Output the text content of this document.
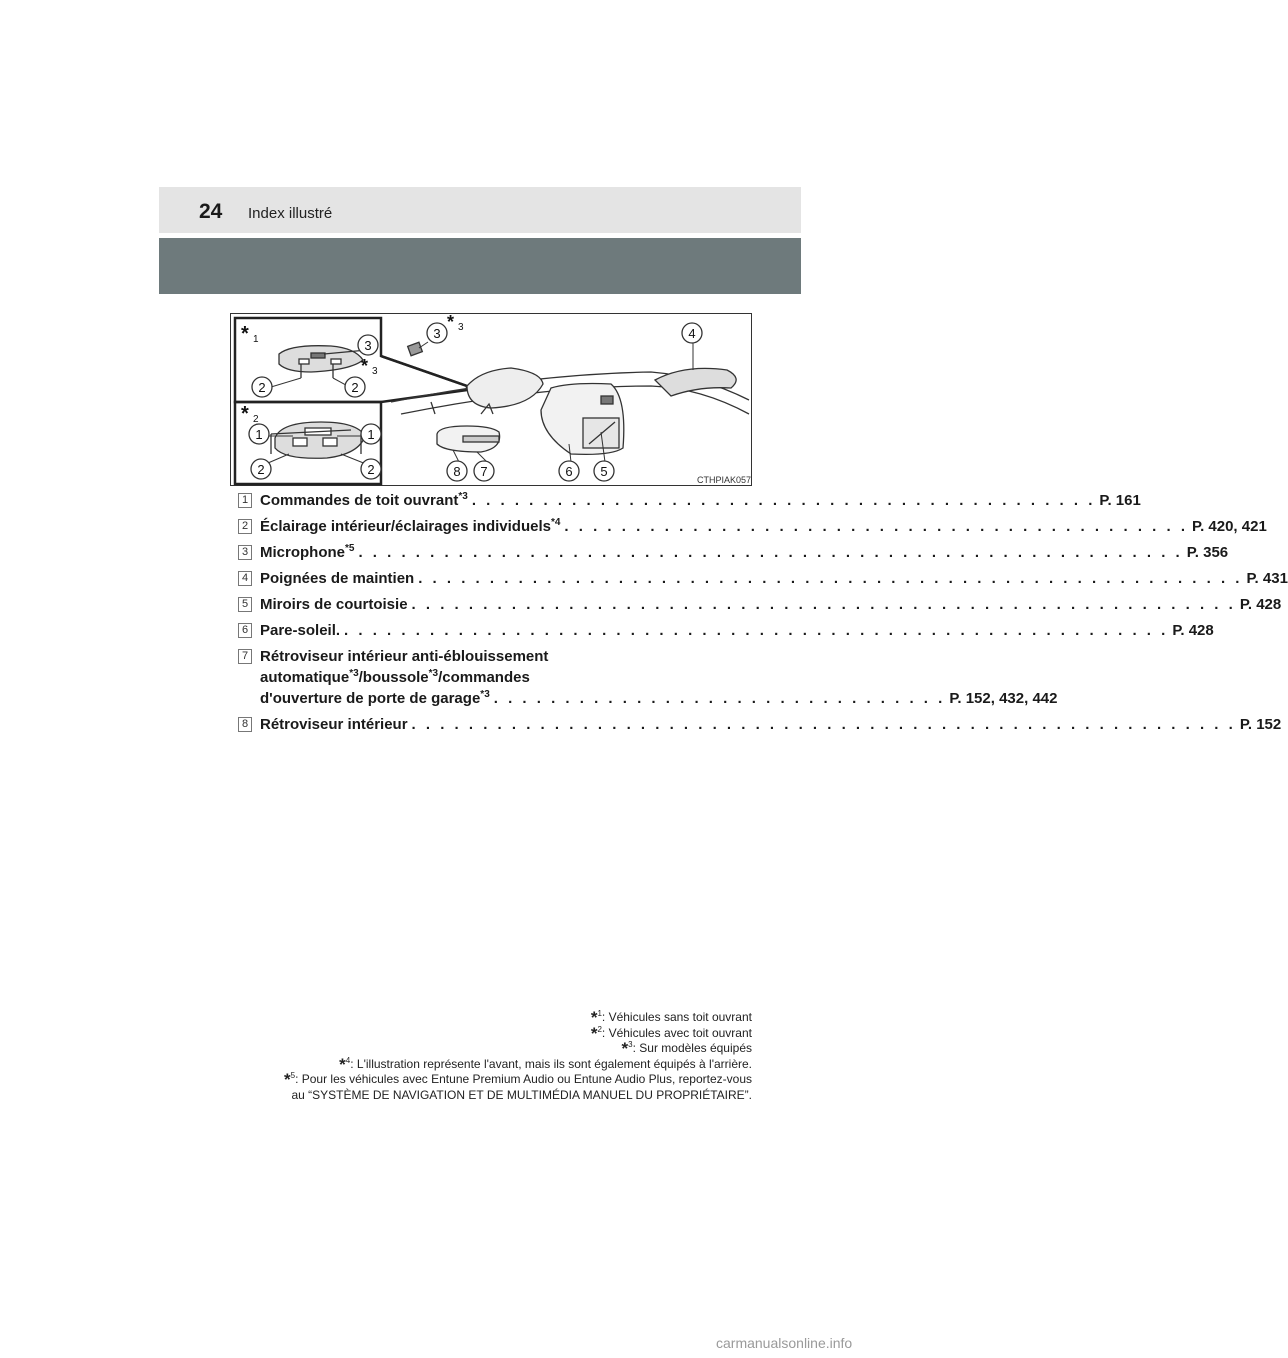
24 Index illustré
3
2	2
1	1
2	2
3	4
5
6
7
8
* 1
* 2
* 3
* 3
CTHPIAK057
1 Commandes de toit ouvrant$^{*3}$ . . . . . . . . . . . . . . . . . . . . . . . . . . . . . . . . . . . . . . . . . . . . P. 161
2 Éclairage intérieur/éclairages individuels$^{*4}$ . . . . . . . . . . . . . . . . . . . . . . . . . . . . . . . . . . . . . . . . . . . . P. 420, 421
3 Microphone$^{*5}$ . . . . . . . . . . . . . . . . . . . . . . . . . . . . . . . . . . . . . . . . . . . . . . . . . . . . . . . . . . P. 356
4 Poignées de maintien . . . . . . . . . . . . . . . . . . . . . . . . . . . . . . . . . . . . . . . . . . . . . . . . . . . . . . . . . . P. 431
5 Miroirs de courtoisie . . . . . . . . . . . . . . . . . . . . . . . . . . . . . . . . . . . . . . . . . . . . . . . . . . . . . . . . . . P. 428
6 Pare-soleil. . . . . . . . . . . . . . . . . . . . . . . . . . . . . . . . . . . . . . . . . . . . . . . . . . . . . . . . . . . P. 428
7 Rétroviseur intérieur anti-éblouissement
automatique$^{*3}$/boussole$^{*3}$/commandes
d'ouverture de porte de garage$^{*3}$ . . . . . . . . . . . . . . . . . . . . . . . . . . . . . . . . P. 152, 432, 442
8 Rétroviseur intérieur . . . . . . . . . . . . . . . . . . . . . . . . . . . . . . . . . . . . . . . . . . . . . . . . . . . . . . . . . . P. 152
*$^1$: Véhicules sans toit ouvrant
*$^2$: Véhicules avec toit ouvrant
*$^3$: Sur modèles équipés
*$^4$: L'illustration représente l'avant, mais ils sont également équipés à l'arrière.
*$^5$: Pour les véhicules avec Entune Premium Audio ou Entune Audio Plus, reportez-vous
au “SYSTÈME DE NAVIGATION ET DE MULTIMÉDIA MANUEL DU PROPRIÉTAIRE”.
carmanualsonline.info
